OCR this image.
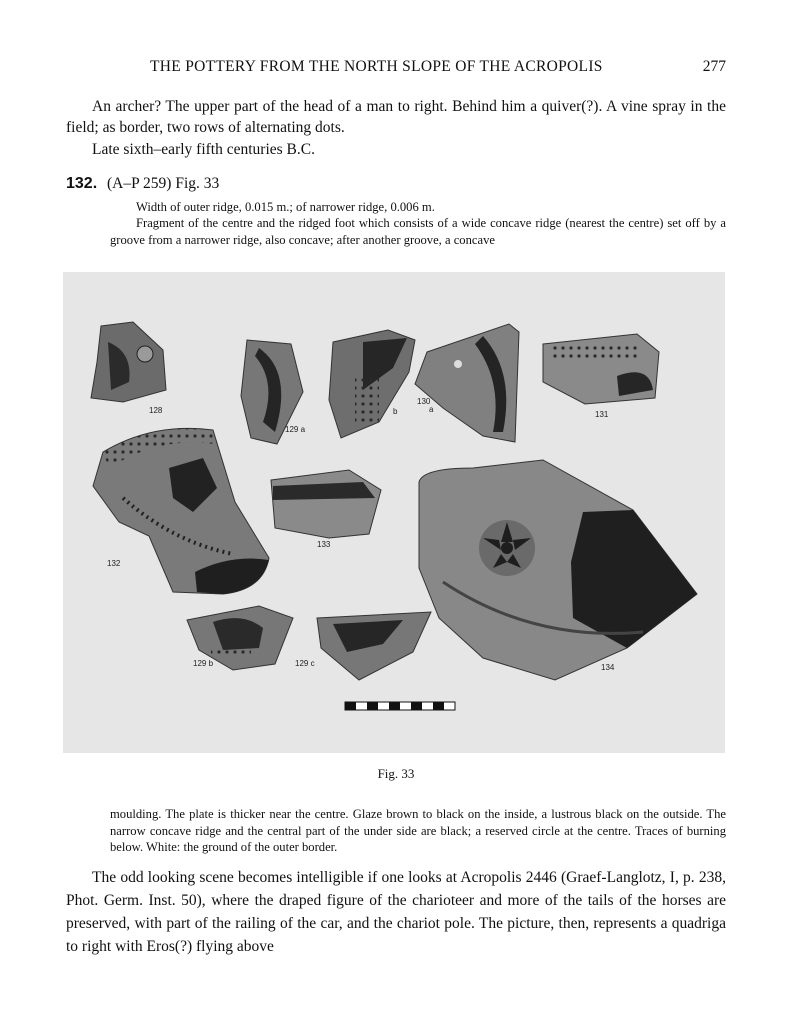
THE POTTERY FROM THE NORTH SLOPE OF THE ACROPOLIS	277
An archer? The upper part of the head of a man to right. Behind him a quiver(?). A vine spray in the field; as border, two rows of alternating dots.
Late sixth–early fifth centuries B.C.
132. (A–P 259) Fig. 33
Width of outer ridge, 0.015 m.; of narrower ridge, 0.006 m.
Fragment of the centre and the ridged foot which consists of a wide concave ridge (nearest the centre) set off by a groove from a narrower ridge, also concave; after another groove, a concave
128
129 a
b
130
a
131
132
133
134
129 b	129 c
Fig. 33
moulding. The plate is thicker near the centre. Glaze brown to black on the inside, a lustrous black on the outside. The narrow concave ridge and the central part of the under side are black; a reserved circle at the centre. Traces of burning below. White: the ground of the outer border.
The odd looking scene becomes intelligible if one looks at Acropolis 2446 (Graef-Langlotz, I, p. 238, Phot. Germ. Inst. 50), where the draped figure of the charioteer and more of the tails of the horses are preserved, with part of the railing of the car, and the chariot pole. The picture, then, represents a quadriga to right with Eros(?) flying above
